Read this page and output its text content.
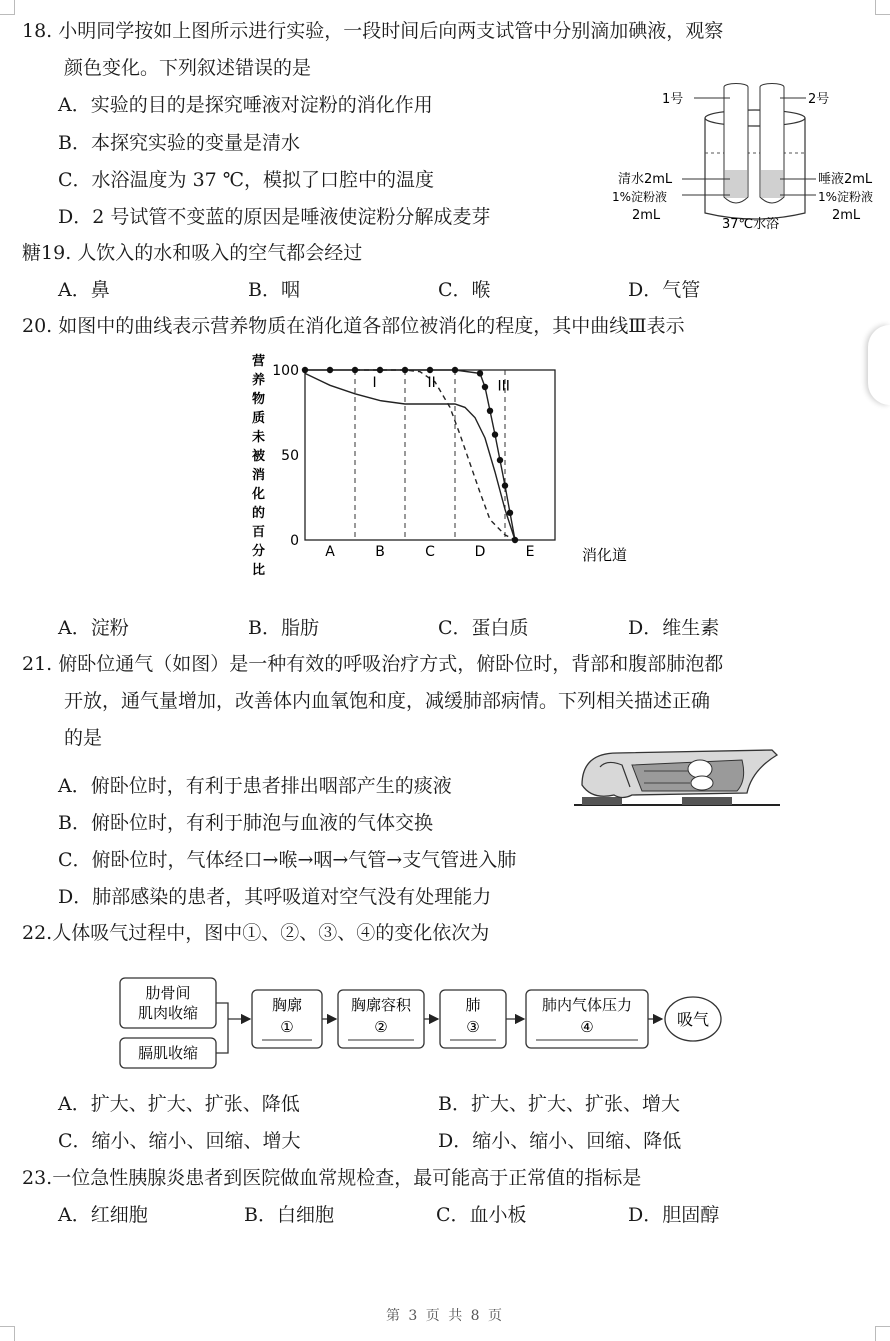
18. 小明同学按如上图所示进行实验，一段时间后向两支试管中分别滴加碘液，观察
颜色变化。下列叙述错误的是
A．实验的目的是探究唾液对淀粉的消化作用
B．本探究实验的变量是清水
C．水浴温度为 37 ℃，模拟了口腔中的温度
D．2 号试管不变蓝的原因是唾液使淀粉分解成麦芽
1号	2号
清水2mL
1%淀粉液
2mL
唾液2mL
1%淀粉液
2mL
37℃水浴
糖19. 人饮入的水和吸入的空气都会经过
A．鼻	B．咽	C．喉	D．气管
20. 如图中的曲线表示营养物质在消化道各部位被消化的程度，其中曲线Ⅲ表示
营
养
物
质
未
被
消
化
的
百
分
比
100
50
0
A	B	C	D	E
I	II	III
消化道
A．淀粉	B．脂肪	C．蛋白质	D．维生素
21. 俯卧位通气（如图）是一种有效的呼吸治疗方式，俯卧位时，背部和腹部肺泡都
开放，通气量增加，改善体内血氧饱和度，减缓肺部病情。下列相关描述正确
的是
A．俯卧位时，有利于患者排出咽部产生的痰液
B．俯卧位时，有利于肺泡与血液的气体交换
C．俯卧位时，气体经口→喉→咽→气管→支气管进入肺
D．肺部感染的患者，其呼吸道对空气没有处理能力
22.人体吸气过程中，图中①、②、③、④的变化依次为
肋骨间
肌肉收缩
膈肌收缩
胸廓
①
胸廓容积
②
肺
③
肺内气体压力
④	吸气
A．扩大、扩大、扩张、降低	B．扩大、扩大、扩张、增大
C．缩小、缩小、回缩、增大	D．缩小、缩小、回缩、降低
23.一位急性胰腺炎患者到医院做血常规检查，最可能高于正常值的指标是
A．红细胞	B．白细胞	C．血小板	D．胆固醇
第 3 页 共 8 页
